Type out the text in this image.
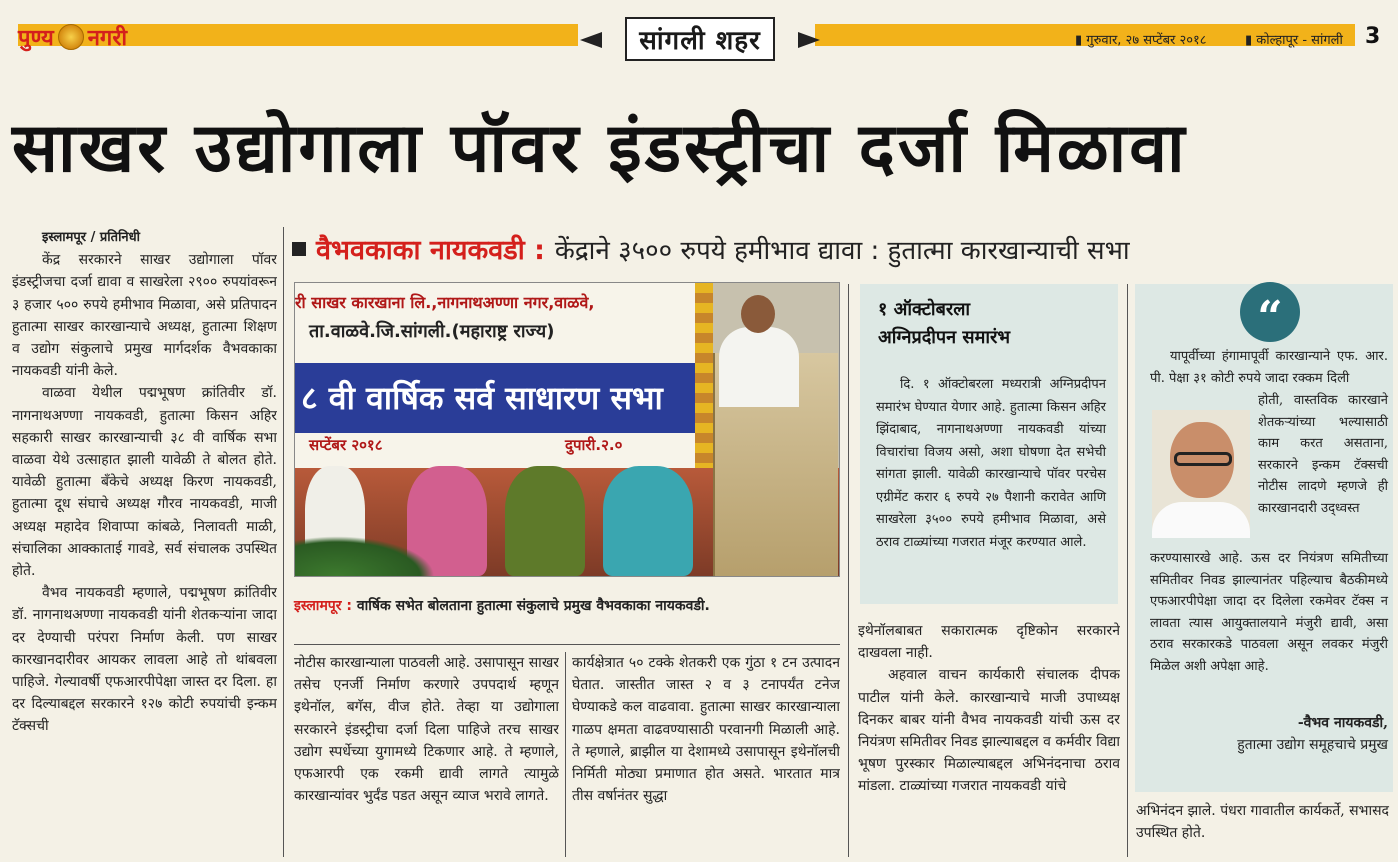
पुण्य नगरी	सांगली शहर	▮ गुरुवार, २७ सप्टेंबर २०१८	▮ कोल्हापूर - सांगली 3
साखर उद्योगाला पॉवर इंडस्ट्रीचा दर्जा मिळावा
वैभवकाका नायकवडी : केंद्राने ३५०० रुपये हमीभाव द्यावा : हुतात्मा कारखान्याची सभा

इस्लामपूर / प्रतिनिधी

केंद्र सरकारने साखर उद्योगाला पॉवर इंडस्ट्रीजचा दर्जा द्यावा व साखरेला २९०० रुपयांवरून ३ हजार ५०० रुपये हमीभाव मिळावा, असे प्रतिपादन हुतात्मा साखर कारखान्याचे अध्यक्ष, हुतात्मा शिक्षण व उद्योग संकुलाचे प्रमुख मार्गदर्शक वैभवकाका नायकवडी यांनी केले.

वाळवा येथील पद्मभूषण क्रांतिवीर डॉ. नागनाथअण्णा नायकवडी, हुतात्मा किसन अहिर सहकारी साखर कारखान्याची ३८ वी वार्षिक सभा वाळवा येथे उत्साहात झाली यावेळी ते बोलत होते. यावेळी हुतात्मा बँकेचे अध्यक्ष किरण नायकवडी, हुतात्मा दूध संघाचे अध्यक्ष गौरव नायकवडी, माजी अध्यक्ष महादेव शिवाप्पा कांबळे, निलावती माळी, संचालिका आक्काताई गावडे, सर्व संचालक उपस्थित होते.

वैभव नायकवडी म्हणाले, पद्मभूषण क्रांतिवीर डॉ. नागनाथअण्णा नायकवडी यांनी शेतकऱ्यांना जादा दर देण्याची परंपरा निर्माण केली. पण साखर कारखानदारीवर आयकर लावला आहे तो थांबवला पाहिजे. गेल्यावर्षी एफआरपीपेक्षा जास्त दर दिला. हा दर दिल्याबद्दल सरकारने १२७ कोटी रुपयांची इन्कम टॅक्सची

री साखर कारखाना लि.,नागनाथअण्णा नगर,वाळवे,
ता.वाळवे.जि.सांगली.(महाराष्ट्र राज्य)
८ वी वार्षिक सर्व साधारण सभा
सप्टेंबर २०१८	दुपारी.२.०
इस्लामपूर : वार्षिक सभेत बोलताना हुतात्मा संकुलाचे प्रमुख वैभवकाका नायकवडी.

नोटीस कारखान्याला पाठवली आहे. उसापासून साखर तसेच एनर्जी निर्माण करणारे उपपदार्थ म्हणून इथेनॉल, बगॅस, वीज होते. तेव्हा या उद्योगाला सरकारने इंडस्ट्रीचा दर्जा दिला पाहिजे तरच साखर उद्योग स्पर्धेच्या युगामध्ये टिकणार आहे. ते म्हणाले, एफआरपी एक रकमी द्यावी लागते त्यामुळे कारखान्यांवर भुर्दंड पडत असून व्याज भरावे लागते.

कार्यक्षेत्रात ५० टक्के शेतकरी एक गुंठा १ टन उत्पादन घेतात. जास्तीत जास्त २ व ३ टनापर्यंत टनेज घेण्याकडे कल वाढवावा. हुतात्मा साखर कारखान्याला गाळप क्षमता वाढवण्यासाठी परवानगी मिळाली आहे. ते म्हणाले, ब्राझील या देशामध्ये उसापासून इथेनॉलची निर्मिती मोठ्या प्रमाणात होत असते. भारतात मात्र तीस वर्षानंतर सुद्धा

१ ऑक्टोबरला
अग्निप्रदीपन समारंभ

दि. १ ऑक्टोबरला मध्यरात्री अग्निप्रदीपन समारंभ घेण्यात येणार आहे. हुतात्मा किसन अहिर झिंदाबाद, नागनाथअण्णा नायकवडी यांच्या विचारांचा विजय असो, अशा घोषणा देत सभेची सांगता झाली. यावेळी कारखान्याचे पॉवर परचेस एग्रीमेंट करार ६ रुपये २७ पैशानी करावेत आणि साखरेला ३५०० रुपये हमीभाव मिळावा, असे ठराव टाळ्यांच्या गजरात मंजूर करण्यात आले.

इथेनॉलबाबत सकारात्मक दृष्टिकोन सरकारने दाखवला नाही.

अहवाल वाचन कार्यकारी संचालक दीपक पाटील यांनी केले. कारखान्याचे माजी उपाध्यक्ष दिनकर बाबर यांनी वैभव नायकवडी यांची ऊस दर नियंत्रण समितीवर निवड झाल्याबद्दल व कर्मवीर विद्या भूषण पुरस्कार मिळाल्याबद्दल अभिनंदनाचा ठराव मांडला. टाळ्यांच्या गजरात नायकवडी यांचे

“
यापूर्वीच्या हंगामापूर्वी कारखान्याने एफ. आर. पी. पेक्षा ३१ कोटी रुपये जादा रक्कम दिली
होती, वास्तविक कारखाने शेतकऱ्यांच्या भल्यासाठी काम करत असताना, सरकारने इन्कम टॅक्सची नोटीस लादणे म्हणजे ही कारखानदारी उद्ध्वस्त
करण्यासारखे आहे. ऊस दर नियंत्रण समितीच्या समितीवर निवड झाल्यानंतर पहिल्याच बैठकीमध्ये एफआरपीपेक्षा जादा दर दिलेला रकमेवर टॅक्स न लावता त्यास आयुक्तालयाने मंजुरी द्यावी, असा ठराव सरकारकडे पाठवला असून लवकर मंजुरी मिळेल अशी अपेक्षा आहे.
-वैभव नायकवडी,
हुतात्मा उद्योग समूहचाचे प्रमुख
अभिनंदन झाले. पंधरा गावातील कार्यकर्ते, सभासद उपस्थित होते.
